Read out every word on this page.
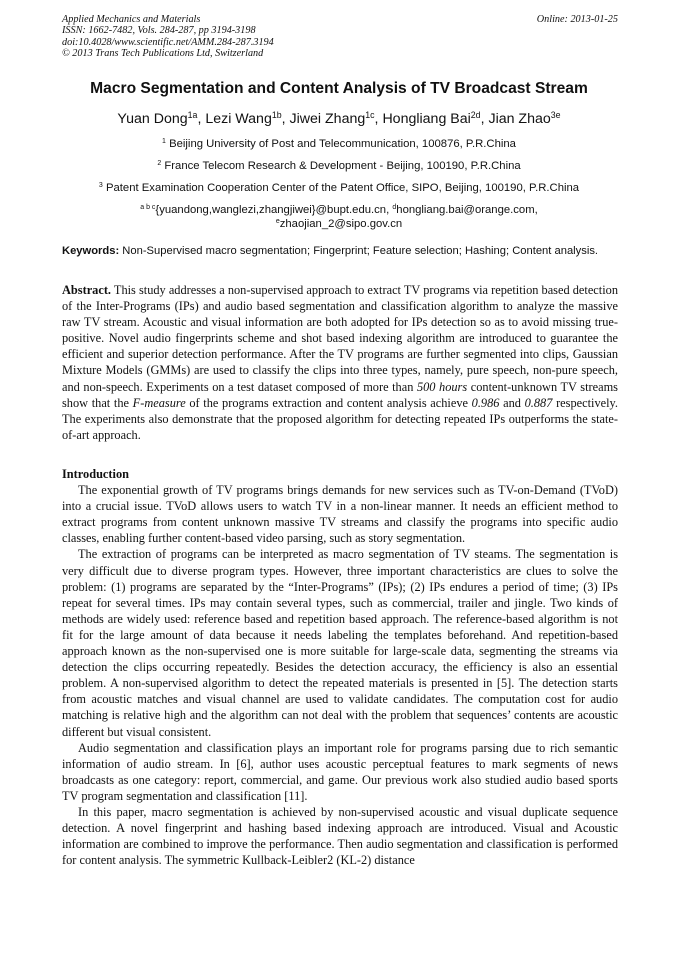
Applied Mechanics and Materials
ISSN: 1662-7482, Vols. 284-287, pp 3194-3198
doi:10.4028/www.scientific.net/AMM.284-287.3194
© 2013 Trans Tech Publications Ltd, Switzerland
Online: 2013-01-25
Macro Segmentation and Content Analysis of TV Broadcast Stream
Yuan Dong$^{1a}$, Lezi Wang$^{1b}$, Jiwei Zhang$^{1c}$, Hongliang Bai$^{2d}$, Jian Zhao$^{3e}$
$^1$ Beijing University of Post and Telecommunication, 100876, P.R.China
$^2$ France Telecom Research & Development - Beijing, 100190, P.R.China
$^3$ Patent Examination Cooperation Center of the Patent Office, SIPO, Beijing, 100190, P.R.China
$^{a b c}${yuandong,wanglezi,zhangjiwei}@bupt.edu.cn, $^d$hongliang.bai@orange.com,
$^e$zhaojian_2@sipo.gov.cn
Keywords: Non-Supervised macro segmentation; Fingerprint; Feature selection; Hashing; Content analysis.

Abstract. This study addresses a non-supervised approach to extract TV programs via repetition based detection of the Inter-Programs (IPs) and audio based segmentation and classification algorithm to analyze the massive raw TV stream. Acoustic and visual information are both adopted for IPs detection so as to avoid missing true-positive. Novel audio fingerprints scheme and shot based indexing algorithm are introduced to guarantee the efficient and superior detection performance. After the TV programs are further segmented into clips, Gaussian Mixture Models (GMMs) are used to classify the clips into three types, namely, pure speech, non-pure speech, and non-speech. Experiments on a test dataset composed of more than 500 hours content-unknown TV streams show that the F-measure of the programs extraction and content analysis achieve 0.986 and 0.887 respectively. The experiments also demonstrate that the proposed algorithm for detecting repeated IPs outperforms the state-of-art approach.

Introduction

The exponential growth of TV programs brings demands for new services such as TV-on-Demand (TVoD) into a crucial issue. TVoD allows users to watch TV in a non-linear manner. It needs an efficient method to extract programs from content unknown massive TV streams and classify the programs into specific audio classes, enabling further content-based video parsing, such as story segmentation.

The extraction of programs can be interpreted as macro segmentation of TV steams. The segmentation is very difficult due to diverse program types. However, three important characteristics are clues to solve the problem: (1) programs are separated by the “Inter-Programs” (IPs); (2) IPs endures a period of time; (3) IPs repeat for several times. IPs may contain several types, such as commercial, trailer and jingle. Two kinds of methods are widely used: reference based and repetition based approach. The reference-based algorithm is not fit for the large amount of data because it needs labeling the templates beforehand. And repetition-based approach known as the non-supervised one is more suitable for large-scale data, segmenting the streams via detection the clips occurring repeatedly. Besides the detection accuracy, the efficiency is also an essential problem. A non-supervised algorithm to detect the repeated materials is presented in [5]. The detection starts from acoustic matches and visual channel are used to validate candidates. The computation cost for audio matching is relative high and the algorithm can not deal with the problem that sequences’ contents are acoustic different but visual consistent.

Audio segmentation and classification plays an important role for programs parsing due to rich semantic information of audio stream. In [6], author uses acoustic perceptual features to mark segments of news broadcasts as one category: report, commercial, and game. Our previous work also studied audio based sports TV program segmentation and classification [11].

In this paper, macro segmentation is achieved by non-supervised acoustic and visual duplicate sequence detection. A novel fingerprint and hashing based indexing approach are introduced. Visual and Acoustic information are combined to improve the performance. Then audio segmentation and classification is performed for content analysis. The symmetric Kullback-Leibler2 (KL-2) distance
